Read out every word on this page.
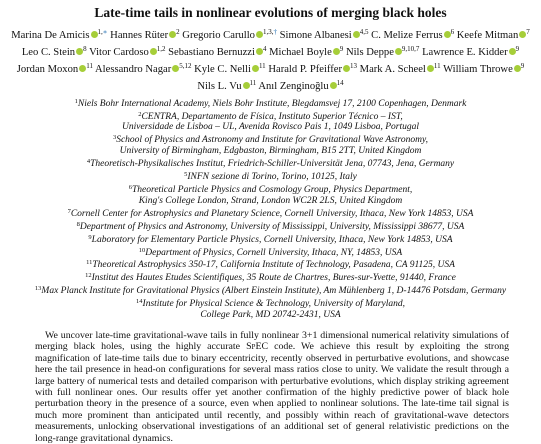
Late-time tails in nonlinear evolutions of merging black holes
Marina De Amicis $^{1,∗}$ Hannes Rüter $^2$ Gregorio Carullo $^{1,3,\dagger}$ Simone Albanesi $^{4,5}$ C. Melize Ferrus $^6$ Keefe Mitman $^7$ Leo C. Stein $^8$ Vitor Cardoso $^{1,2}$ Sebastiano Bernuzzi $^4$ Michael Boyle $^9$ Nils Deppe $^{9,10,7}$ Lawrence E. Kidder $^9$ Jordan Moxon $^{11}$ Alessandro Nagar $^{5,12}$ Kyle C. Nelli $^{11}$ Harald P. Pfeiffer $^{13}$ Mark A. Scheel $^{11}$ William Throwe $^9$ Nils L. Vu $^{11}$ Anıl Zenginoğlu $^{14}$
$^1$Niels Bohr International Academy, Niels Bohr Institute, Blegdamsvej 17, 2100 Copenhagen, Denmark
$^2$CENTRA, Departamento de Física, Instituto Superior Técnico – IST,
Universidade de Lisboa – UL, Avenida Rovisco Pais 1, 1049 Lisboa, Portugal
$^3$School of Physics and Astronomy and Institute for Gravitational Wave Astronomy,
University of Birmingham, Edgbaston, Birmingham, B15 2TT, United Kingdom
$^4$Theoretisch-Physikalisches Institut, Friedrich-Schiller-Universität Jena, 07743, Jena, Germany
$^5$INFN sezione di Torino, Torino, 10125, Italy
$^6$Theoretical Particle Physics and Cosmology Group, Physics Department,
King's College London, Strand, London WC2R 2LS, United Kingdom
$^7$Cornell Center for Astrophysics and Planetary Science, Cornell University, Ithaca, New York 14853, USA
$^8$Department of Physics and Astronomy, University of Mississippi, University, Mississippi 38677, USA
$^9$Laboratory for Elementary Particle Physics, Cornell University, Ithaca, New York 14853, USA
$^{10}$Department of Physics, Cornell University, Ithaca, NY, 14853, USA
$^{11}$Theoretical Astrophysics 350-17, California Institute of Technology, Pasadena, CA 91125, USA
$^{12}$Institut des Hautes Etudes Scientifiques, 35 Route de Chartres, Bures-sur-Yvette, 91440, France
$^{13}$Max Planck Institute for Gravitational Physics (Albert Einstein Institute), Am Mühlenberg 1, D-14476 Potsdam, Germany
$^{14}$Institute for Physical Science & Technology, University of Maryland,
College Park, MD 20742-2431, USA
We uncover late-time gravitational-wave tails in fully nonlinear 3+1 dimensional numerical relativity simulations of merging black holes, using the highly accurate SpEC code. We achieve this result by exploiting the strong magnification of late-time tails due to binary eccentricity, recently observed in perturbative evolutions, and showcase here the tail presence in head-on configurations for several mass ratios close to unity. We validate the result through a large battery of numerical tests and detailed comparison with perturbative evolutions, which display striking agreement with full nonlinear ones. Our results offer yet another confirmation of the highly predictive power of black hole perturbation theory in the presence of a source, even when applied to nonlinear solutions. The late-time tail signal is much more prominent than anticipated until recently, and possibly within reach of gravitational-wave detectors measurements, unlocking observational investigations of an additional set of general relativistic predictions on the long-range gravitational dynamics.
